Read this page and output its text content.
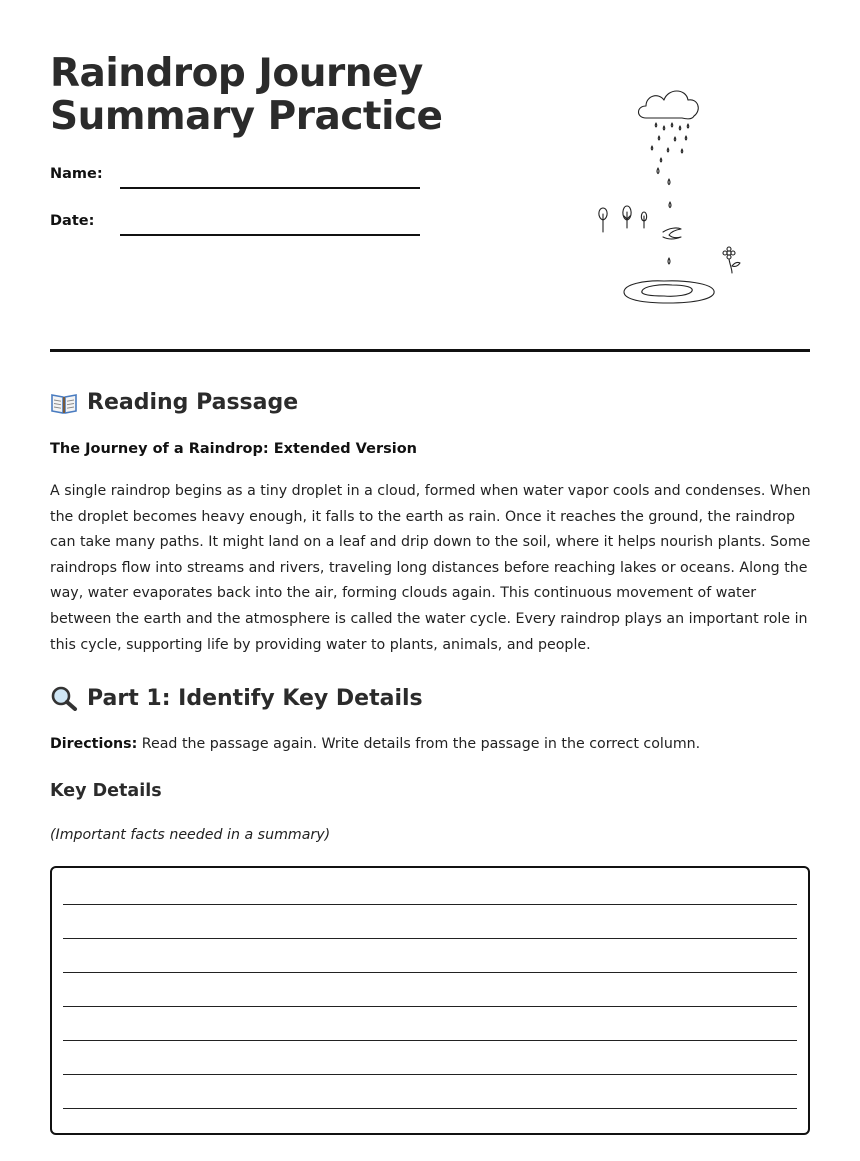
Raindrop Journey
Summary Practice
Name:
Date:
Reading Passage

The Journey of a Raindrop: Extended Version

A single raindrop begins as a tiny droplet in a cloud, formed when water vapor cools and condenses. When the droplet becomes heavy enough, it falls to the earth as rain. Once it reaches the ground, the raindrop can take many paths. It might land on a leaf and drip down to the soil, where it helps nourish plants. Some raindrops flow into streams and rivers, traveling long distances before reaching lakes or oceans. Along the way, water evaporates back into the air, forming clouds again. This continuous movement of water between the earth and the atmosphere is called the water cycle. Every raindrop plays an important role in this cycle, supporting life by providing water to plants, animals, and people.

Part 1: Identify Key Details

Directions: Read the passage again. Write details from the passage in the correct column.

Key Details

(Important facts needed in a summary)
